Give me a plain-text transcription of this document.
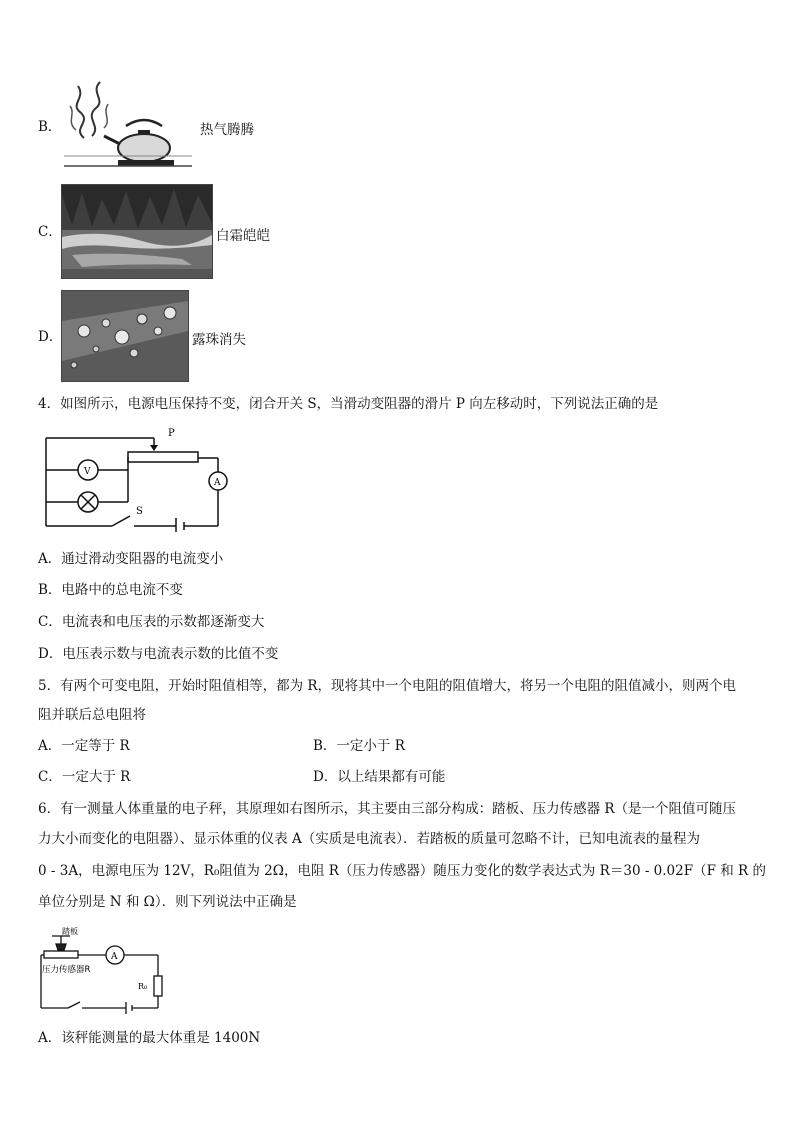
B．	热气腾腾
C．	白霜皑皑
D．	露珠消失
4．如图所示，电源电压保持不变，闭合开关 S，当滑动变阻器的滑片 P 向左移动时，下列说法正确的是
P
A
V
S
A．通过滑动变阻器的电流变小
B．电路中的总电流不变
C．电流表和电压表的示数都逐渐变大
D．电压表示数与电流表示数的比值不变
5．有两个可变电阻，开始时阻值相等，都为 R，现将其中一个电阻的阻值增大，将另一个电阻的阻值减小，则两个电
阻并联后总电阻将
A．一定等于 R	B．一定小于 R
C．一定大于 R	D．以上结果都有可能
6．有一测量人体重量的电子秤，其原理如右图所示，其主要由三部分构成：踏板、压力传感器 R（是一个阻值可随压
力大小而变化的电阻器）、显示体重的仪表 A（实质是电流表）．若踏板的质量可忽略不计，已知电流表的量程为
0 - 3A，电源电压为 12V，R₀阻值为 2Ω，电阻 R（压力传感器）随压力变化的数学表达式为 R＝30 - 0.02F（F 和 R 的
单位分别是 N 和 Ω）．则下列说法中正确是
踏板
压力传感器R
A
R₀
A．该秤能测量的最大体重是 1400N
